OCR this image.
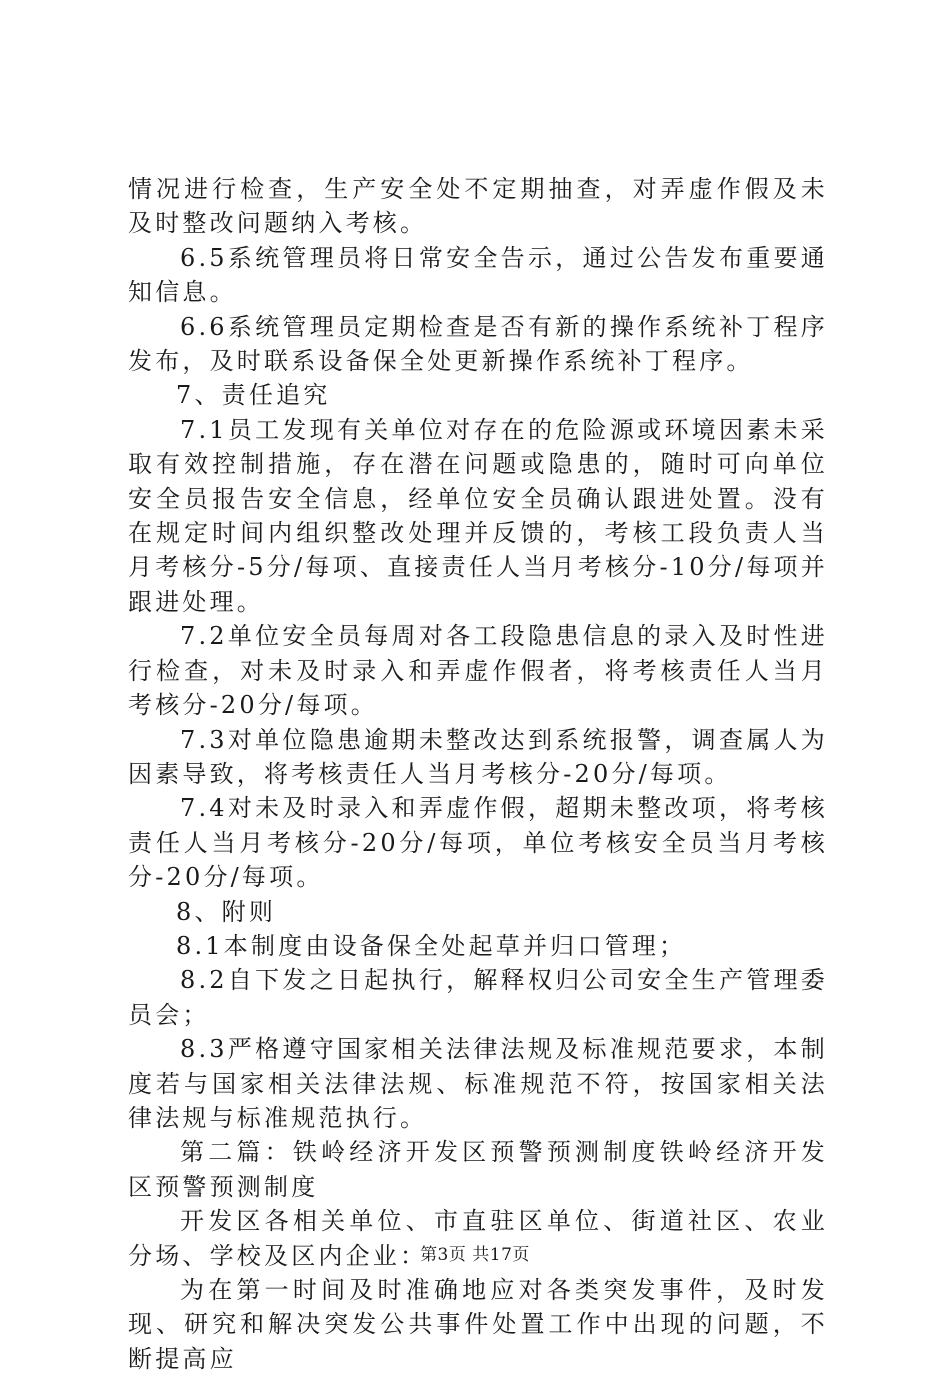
情况进行检查，生产安全处不定期抽查，对弄虚作假及未及时整改问题纳入考核。

6.5系统管理员将日常安全告示，通过公告发布重要通知信息。

6.6系统管理员定期检查是否有新的操作系统补丁程序发布，及时联系设备保全处更新操作系统补丁程序。

7、责任追究

7.1员工发现有关单位对存在的危险源或环境因素未采取有效控制措施，存在潜在问题或隐患的，随时可向单位安全员报告安全信息，经单位安全员确认跟进处置。没有在规定时间内组织整改处理并反馈的，考核工段负责人当月考核分-5分/每项、直接责任人当月考核分-10分/每项并跟进处理。

7.2单位安全员每周对各工段隐患信息的录入及时性进行检查，对未及时录入和弄虚作假者，将考核责任人当月考核分-20分/每项。

7.3对单位隐患逾期未整改达到系统报警，调查属人为因素导致，将考核责任人当月考核分-20分/每项。

7.4对未及时录入和弄虚作假，超期未整改项，将考核责任人当月考核分-20分/每项，单位考核安全员当月考核分-20分/每项。

8、附则

8.1本制度由设备保全处起草并归口管理；

8.2自下发之日起执行，解释权归公司安全生产管理委员会；

8.3严格遵守国家相关法律法规及标准规范要求，本制度若与国家相关法律法规、标准规范不符，按国家相关法律法规与标准规范执行。

第二篇：铁岭经济开发区预警预测制度铁岭经济开发区预警预测制度

开发区各相关单位、市直驻区单位、街道社区、农业分场、学校及区内企业：

为在第一时间及时准确地应对各类突发事件，及时发现、研究和解决突发公共事件处置工作中出现的问题，不断提高应

第3页 共17页
